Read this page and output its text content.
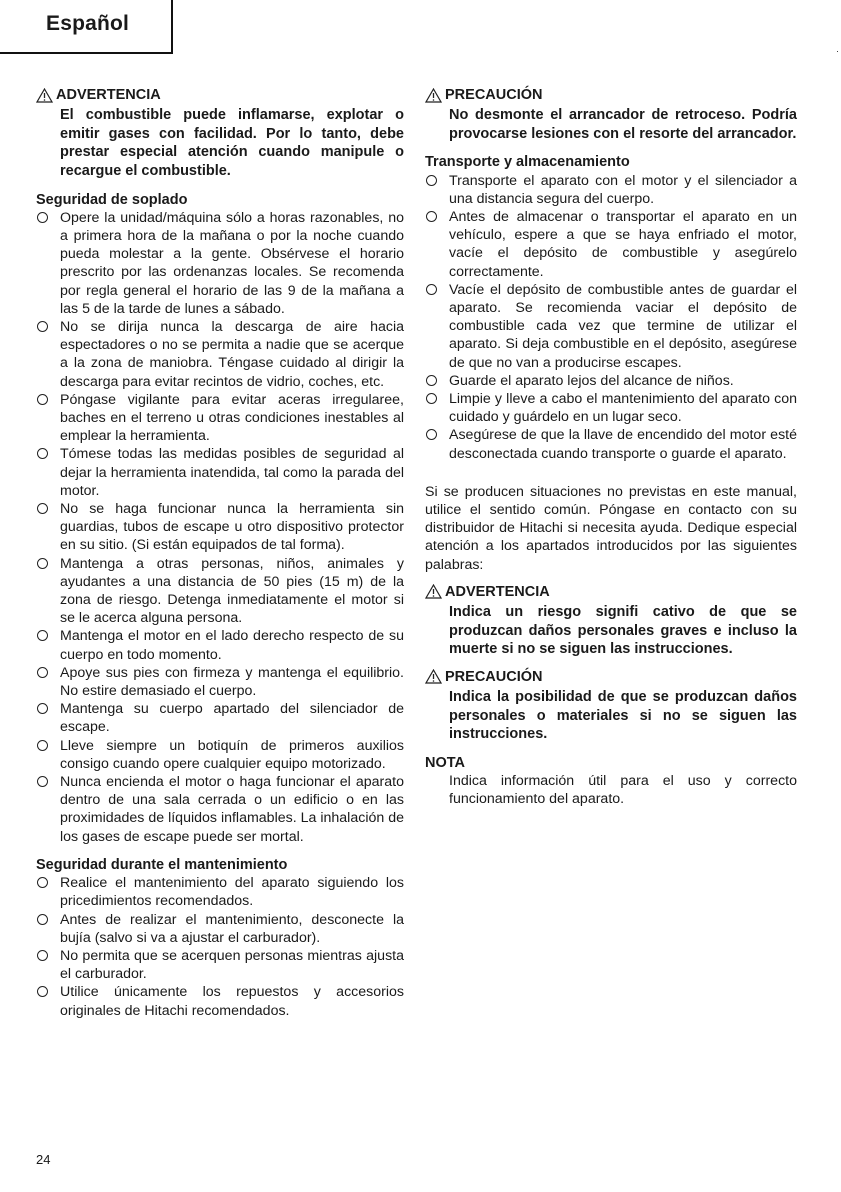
Español
·
ADVERTENCIA

El combustible puede inflamarse, explotar o emitir gases con facilidad. Por lo tanto, debe prestar especial atención cuando manipule o recargue el combustible.

Seguridad de soplado
Opere la unidad/máquina sólo a horas razonables, no a primera hora de la mañana o por la noche cuando pueda molestar a la gente. Obsérvese el horario prescrito por las ordenanzas locales. Se recomenda por regla general el horario de las 9 de la mañana a las 5 de la tarde de lunes a sábado.
No se dirija nunca la descarga de aire hacia espectadores o no se permita a nadie que se acerque a la zona de maniobra. Téngase cuidado al dirigir la descarga para evitar recintos de vidrio, coches, etc.
Póngase vigilante para evitar aceras irregularee, baches en el terreno u otras condiciones inestables al emplear la herramienta.
Tómese todas las medidas posibles de seguridad al dejar la herramienta inatendida, tal como la parada del motor.
No se haga funcionar nunca la herramienta sin guardias, tubos de escape u otro dispositivo protector en su sitio. (Si están equipados de tal forma).
Mantenga a otras personas, niños, animales y ayudantes a una distancia de 50 pies (15 m) de la zona de riesgo. Detenga inmediatamente el motor si se le acerca alguna persona.
Mantenga el motor en el lado derecho respecto de su cuerpo en todo momento.
Apoye sus pies con firmeza y mantenga el equilibrio. No estire demasiado el cuerpo.
Mantenga su cuerpo apartado del silenciador de escape.
Lleve siempre un botiquín de primeros auxilios consigo cuando opere cualquier equipo motorizado.
Nunca encienda el motor o haga funcionar el aparato dentro de una sala cerrada o un edificio o en las proximidades de líquidos inflamables. La inhalación de los gases de escape puede ser mortal.
Seguridad durante el mantenimiento
Realice el mantenimiento del aparato siguiendo los pricedimientos recomendados.
Antes de realizar el mantenimiento, desconecte la bujía (salvo si va a ajustar el carburador).
No permita que se acerquen personas mientras ajusta el carburador.
Utilice únicamente los repuestos y accesorios originales de Hitachi recomendados.
PRECAUCIÓN

No desmonte el arrancador de retroceso. Podría provocarse lesiones con el resorte del arrancador.

Transporte y almacenamiento
Transporte el aparato con el motor y el silenciador a una distancia segura del cuerpo.
Antes de almacenar o transportar el aparato en un vehículo, espere a que se haya enfriado el motor, vacíe el depósito de combustible y asegúrelo correctamente.
Vacíe el depósito de combustible antes de guardar el aparato. Se recomienda vaciar el depósito de combustible cada vez que termine de utilizar el aparato. Si deja combustible en el depósito, asegúrese de que no van a producirse escapes.
Guarde el aparato lejos del alcance de niños.
Limpie y lleve a cabo el mantenimiento del aparato con cuidado y guárdelo en un lugar seco.
Asegúrese de que la llave de encendido del motor esté desconectada cuando transporte o guarde el aparato.

Si se producen situaciones no previstas en este manual, utilice el sentido común. Póngase en contacto con su distribuidor de Hitachi si necesita ayuda. Dedique especial atención a los apartados introducidos por las siguientes palabras:

ADVERTENCIA

Indica un riesgo signifi cativo de que se produzcan daños personales graves e incluso la muerte si no se siguen las instrucciones.

PRECAUCIÓN

Indica la posibilidad de que se produzcan daños personales o materiales si no se siguen las instrucciones.

NOTA

Indica información útil para el uso y correcto funcionamiento del aparato.

24
